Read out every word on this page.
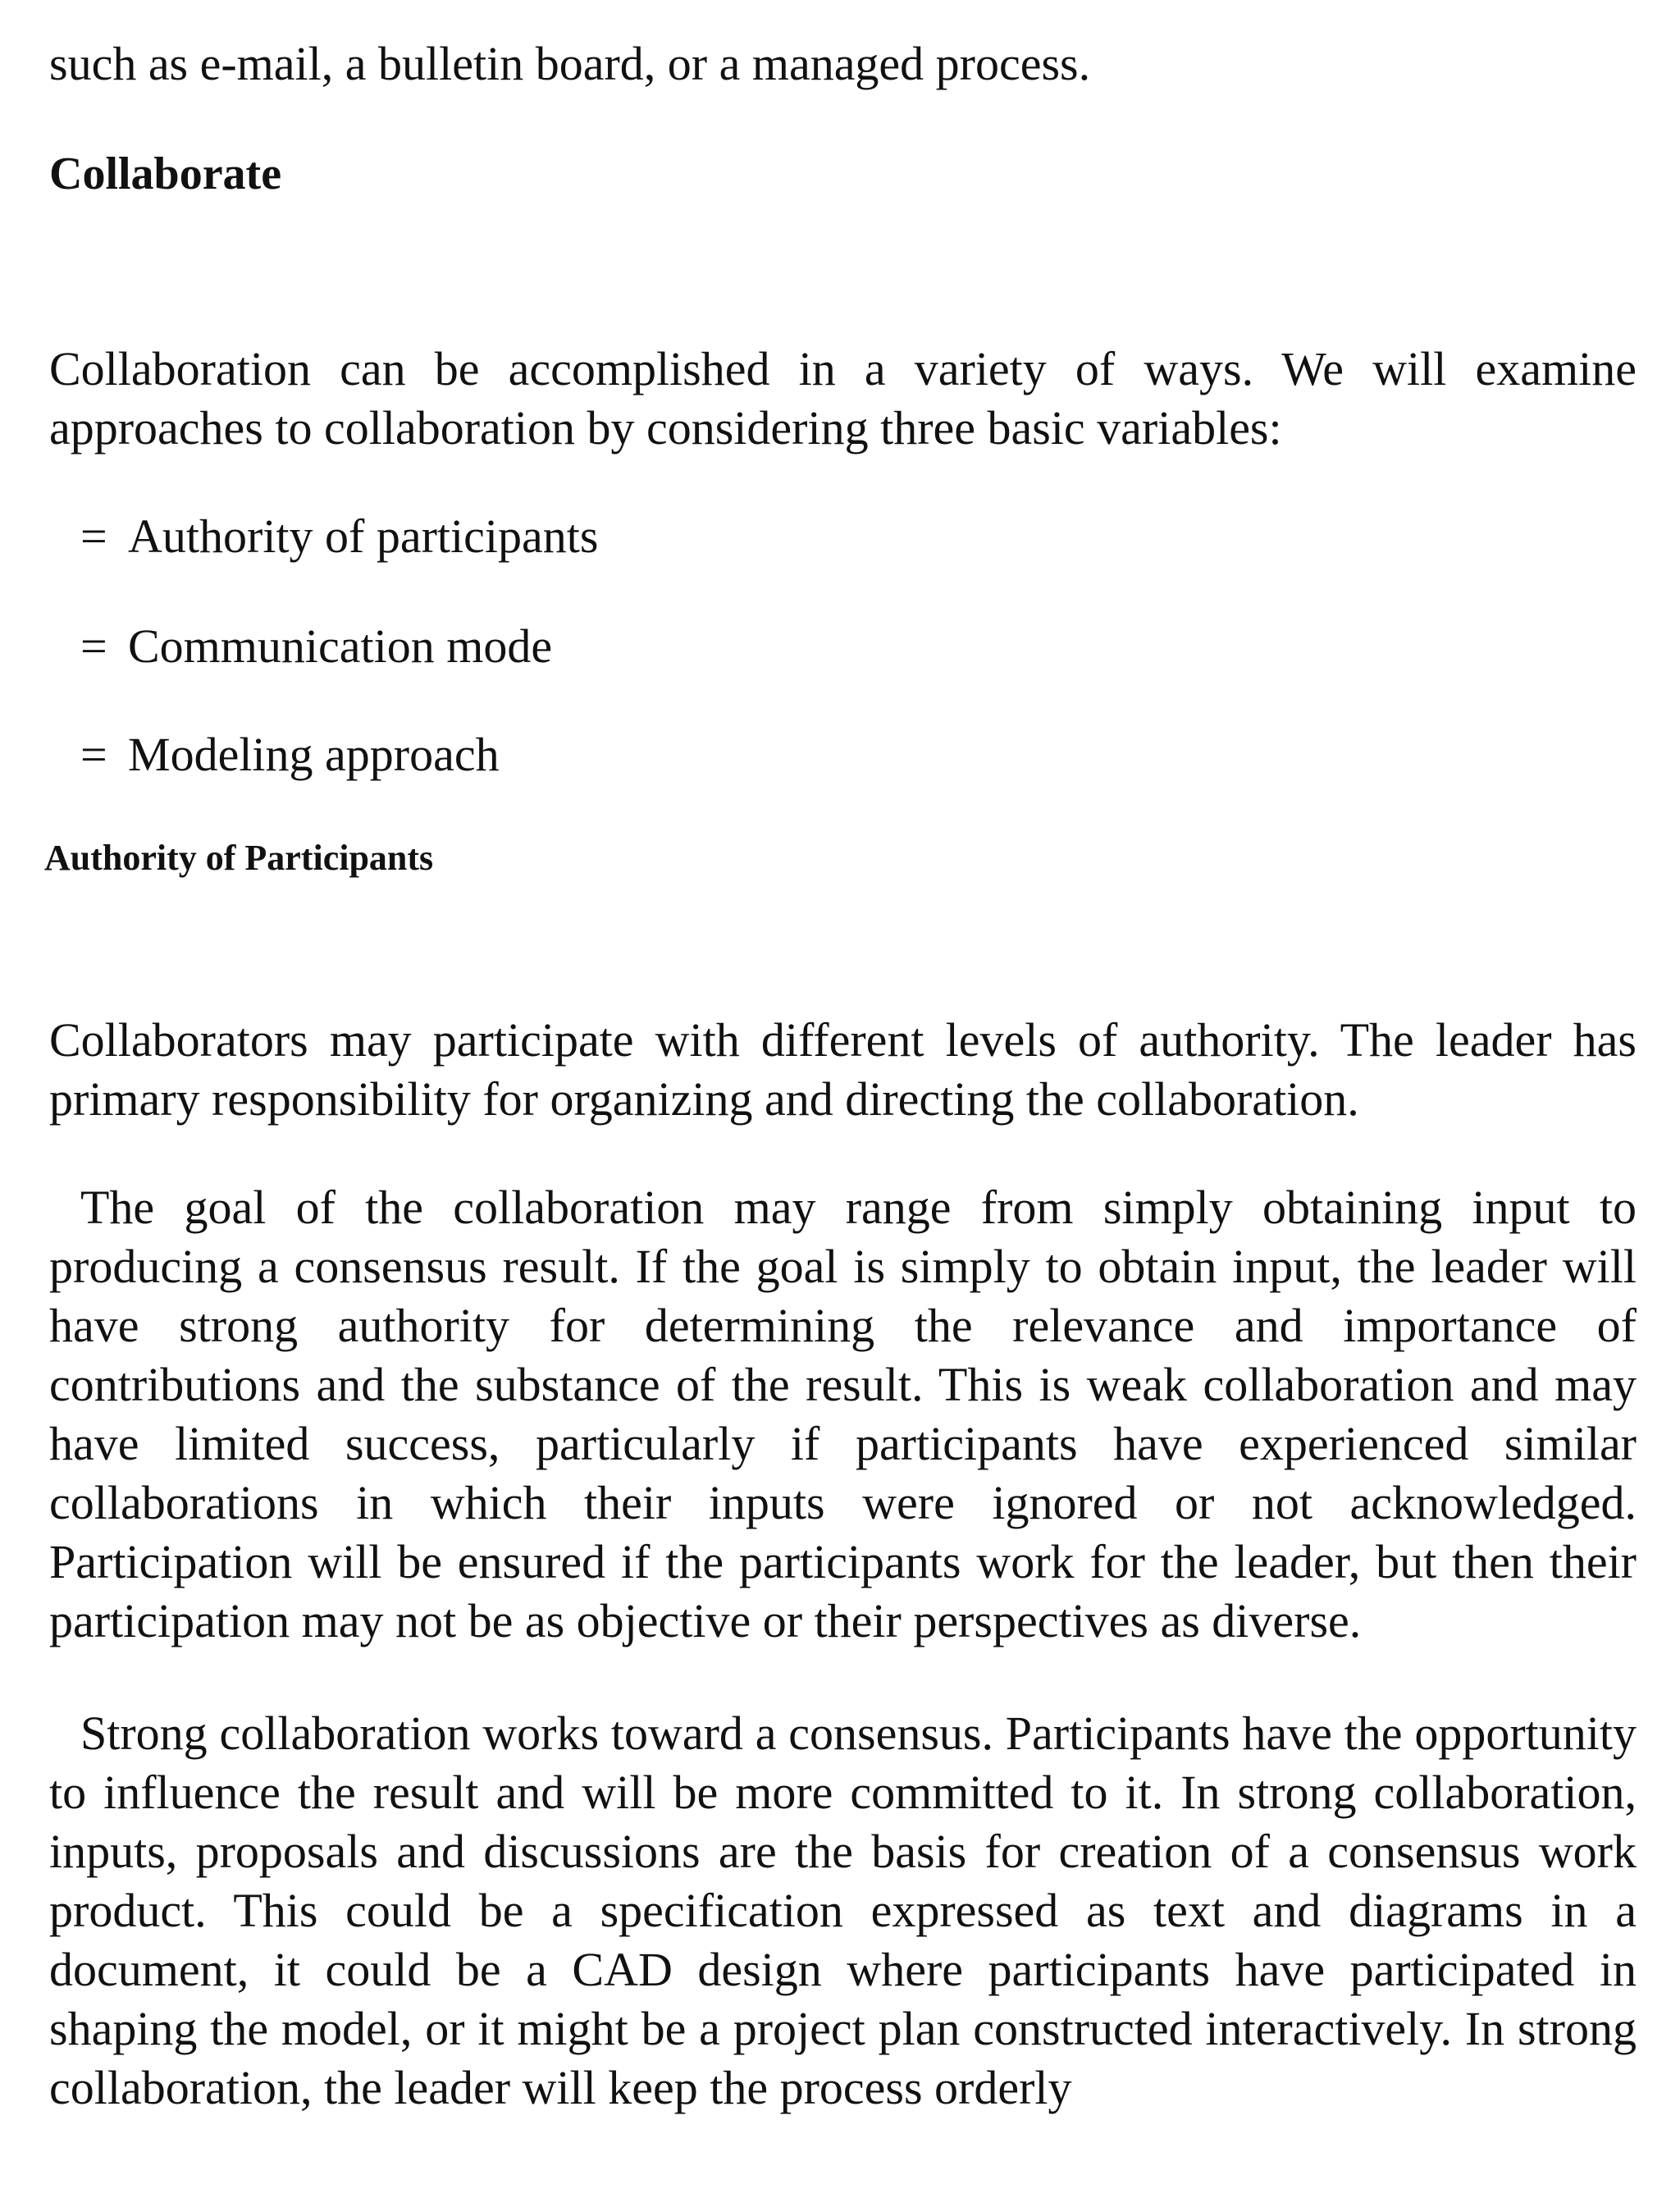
such as e-mail, a bulletin board, or a managed process.
Collaborate
Collaboration can be accomplished in a variety of ways. We will examine approaches to collaboration by considering three basic variables:
= Authority of participants
= Communication mode
= Modeling approach
Authority of Participants
Collaborators may participate with different levels of authority. The leader has primary responsibility for organizing and directing the collaboration.
The goal of the collaboration may range from simply obtaining input to producing a consensus result. If the goal is simply to obtain input, the leader will have strong authority for determining the relevance and importance of contributions and the substance of the result. This is weak collaboration and may have limited success, particularly if participants have experienced similar collaborations in which their inputs were ignored or not acknowledged. Participation will be ensured if the participants work for the leader, but then their participation may not be as objective or their perspectives as diverse.
Strong collaboration works toward a consensus. Participants have the opportunity to influence the result and will be more committed to it. In strong collaboration, inputs, proposals and discussions are the basis for creation of a consensus work product. This could be a specification expressed as text and diagrams in a document, it could be a CAD design where participants have participated in shaping the model, or it might be a project plan constructed interactively. In strong collaboration, the leader will keep the process orderly
